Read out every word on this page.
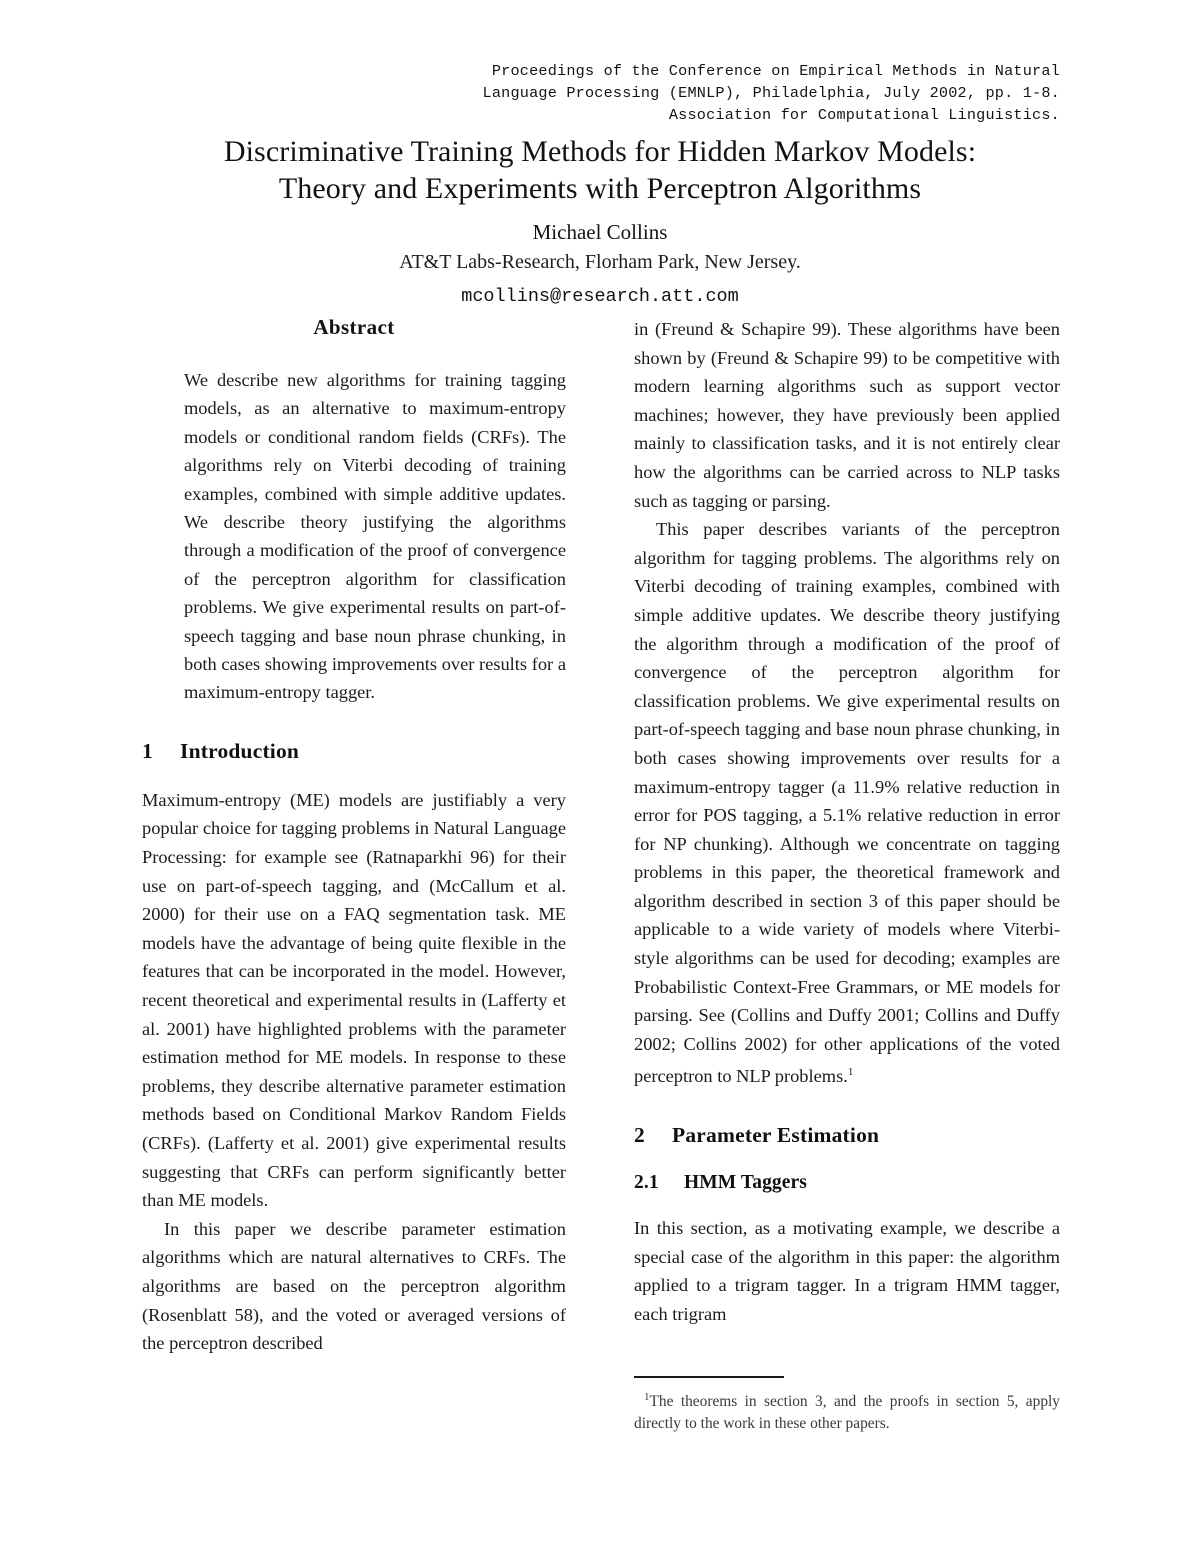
Proceedings of the Conference on Empirical Methods in Natural
Language Processing (EMNLP), Philadelphia, July 2002, pp. 1-8.
Association for Computational Linguistics.
Discriminative Training Methods for Hidden Markov Models:
Theory and Experiments with Perceptron Algorithms
Michael Collins
AT&T Labs-Research, Florham Park, New Jersey.
mcollins@research.att.com
Abstract

We describe new algorithms for training tagging models, as an alternative to maximum-entropy models or conditional random fields (CRFs). The algorithms rely on Viterbi decoding of training examples, combined with simple additive updates. We describe theory justifying the algorithms through a modification of the proof of convergence of the perceptron algorithm for classification problems. We give experimental results on part-of-speech tagging and base noun phrase chunking, in both cases showing improvements over results for a maximum-entropy tagger.

1 Introduction

Maximum-entropy (ME) models are justifiably a very popular choice for tagging problems in Natural Language Processing: for example see (Ratnaparkhi 96) for their use on part-of-speech tagging, and (McCallum et al. 2000) for their use on a FAQ segmentation task. ME models have the advantage of being quite flexible in the features that can be incorporated in the model. However, recent theoretical and experimental results in (Lafferty et al. 2001) have highlighted problems with the parameter estimation method for ME models. In response to these problems, they describe alternative parameter estimation methods based on Conditional Markov Random Fields (CRFs). (Lafferty et al. 2001) give experimental results suggesting that CRFs can perform significantly better than ME models.

In this paper we describe parameter estimation algorithms which are natural alternatives to CRFs. The algorithms are based on the perceptron algorithm (Rosenblatt 58), and the voted or averaged versions of the perceptron described

in (Freund & Schapire 99). These algorithms have been shown by (Freund & Schapire 99) to be competitive with modern learning algorithms such as support vector machines; however, they have previously been applied mainly to classification tasks, and it is not entirely clear how the algorithms can be carried across to NLP tasks such as tagging or parsing.

This paper describes variants of the perceptron algorithm for tagging problems. The algorithms rely on Viterbi decoding of training examples, combined with simple additive updates. We describe theory justifying the algorithm through a modification of the proof of convergence of the perceptron algorithm for classification problems. We give experimental results on part-of-speech tagging and base noun phrase chunking, in both cases showing improvements over results for a maximum-entropy tagger (a 11.9% relative reduction in error for POS tagging, a 5.1% relative reduction in error for NP chunking). Although we concentrate on tagging problems in this paper, the theoretical framework and algorithm described in section 3 of this paper should be applicable to a wide variety of models where Viterbi-style algorithms can be used for decoding; examples are Probabilistic Context-Free Grammars, or ME models for parsing. See (Collins and Duffy 2001; Collins and Duffy 2002; Collins 2002) for other applications of the voted perceptron to NLP problems.$^1$

2 Parameter Estimation
2.1 HMM Taggers

In this section, as a motivating example, we describe a special case of the algorithm in this paper: the algorithm applied to a trigram tagger. In a trigram HMM tagger, each trigram

$^1$The theorems in section 3, and the proofs in section 5, apply directly to the work in these other papers.
